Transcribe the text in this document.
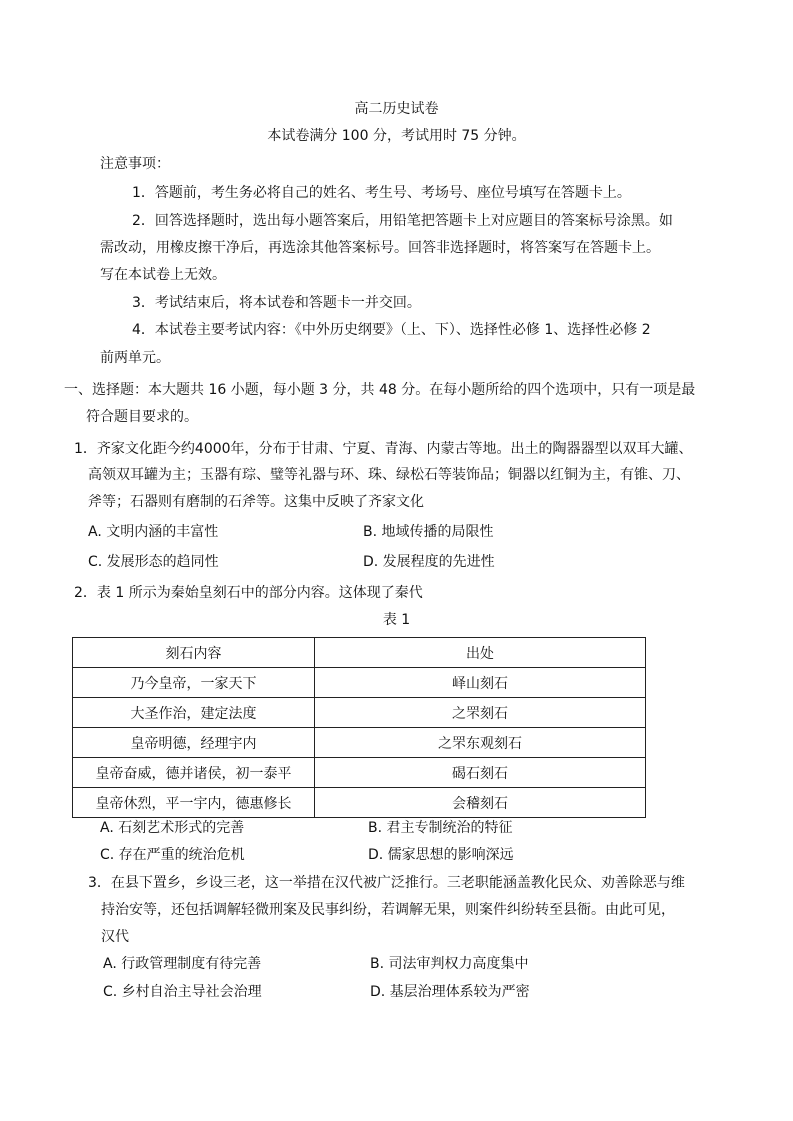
高二历史试卷
本试卷满分 100 分，考试用时 75 分钟。
注意事项：
1．答题前，考生务必将自己的姓名、考生号、考场号、座位号填写在答题卡上。
2．回答选择题时，选出每小题答案后，用铅笔把答题卡上对应题目的答案标号涂黑。如
需改动，用橡皮擦干净后，再选涂其他答案标号。回答非选择题时，将答案写在答题卡上。
写在本试卷上无效。
3．考试结束后，将本试卷和答题卡一并交回。
4．本试卷主要考试内容：《中外历史纲要》（上、下）、选择性必修 1、选择性必修 2
前两单元。
一、选择题：本大题共 16 小题，每小题 3 分，共 48 分。在每小题所给的四个选项中，只有一项是最
符合题目要求的。
1．齐家文化距今约4000年，分布于甘肃、宁夏、青海、内蒙古等地。出土的陶器器型以双耳大罐、
高领双耳罐为主；玉器有琮、璧等礼器与环、珠、绿松石等装饰品；铜器以红铜为主，有锥、刀、
斧等；石器则有磨制的石斧等。这集中反映了齐家文化
A. 文明内涵的丰富性	B. 地域传播的局限性
C. 发展形态的趋同性	D. 发展程度的先进性
2．表 1 所示为秦始皇刻石中的部分内容。这体现了秦代
表 1
刻石内容	出处
乃今皇帝，一家天下	峄山刻石
大圣作治，建定法度	之罘刻石
皇帝明德，经理宇内	之罘东观刻石
皇帝奋威，德并诸侯，初一泰平	碣石刻石
皇帝休烈，平一宇内，德惠修长	会稽刻石
A. 石刻艺术形式的完善	B. 君主专制统治的特征
C. 存在严重的统治危机	D. 儒家思想的影响深远
3．在县下置乡，乡设三老，这一举措在汉代被广泛推行。三老职能涵盖教化民众、劝善除恶与维
持治安等，还包括调解轻微刑案及民事纠纷，若调解无果，则案件纠纷转至县衙。由此可见，
汉代
A. 行政管理制度有待完善	B. 司法审判权力高度集中
C. 乡村自治主导社会治理	D. 基层治理体系较为严密
